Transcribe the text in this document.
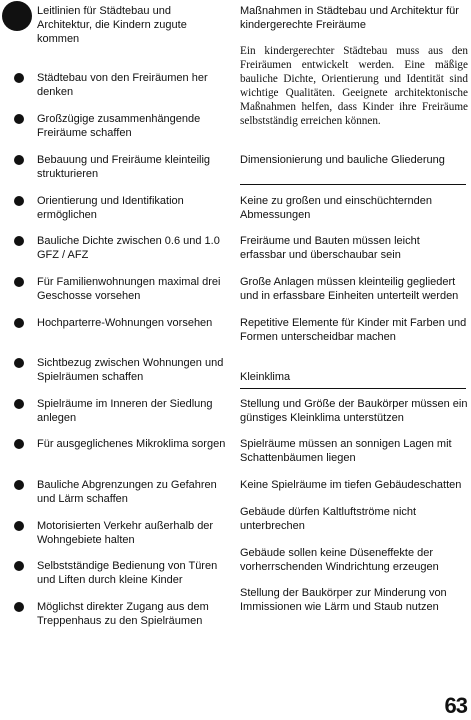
Leitlinien für Städtebau und Architektur, die Kindern zugute kommen
Städtebau von den Freiräumen her denken
Großzügige zusammenhängende Freiräume schaffen
Bebauung und Freiräume kleinteilig strukturieren
Orientierung und Identifikation ermöglichen
Bauliche Dichte zwischen 0.6 und 1.0 GFZ / AFZ
Für Familienwohnungen maximal drei Geschosse vorsehen
Hochparterre-Wohnungen vorsehen
Sichtbezug zwischen Wohnungen und Spielräumen schaffen
Spielräume im Inneren der Siedlung anlegen
Für ausgeglichenes Mikroklima sorgen
Bauliche Abgrenzungen zu Gefahren und Lärm schaffen
Motorisierten Verkehr außerhalb der Wohngebiete halten
Selbstständige Bedienung von Türen und Liften durch kleine Kinder
Möglichst direkter Zugang aus dem Treppenhaus zu den Spielräumen
Maßnahmen in Städtebau und Architektur für kindergerechte Freiräume

Ein kindergerechter Städtebau muss aus den Freiräumen entwickelt werden. Eine mäßige bauliche Dichte, Orientierung und Identität sind wichtige Qualitäten. Geeignete architektonische Maßnahmen helfen, dass Kinder ihre Freiräume selbstständig erreichen können.

Dimensionierung und bauliche Gliederung

Keine zu großen und einschüchternden Abmessungen

Freiräume und Bauten müssen leicht erfassbar und überschaubar sein

Große Anlagen müssen kleinteilig gegliedert und in erfassbare Einheiten unterteilt werden

Repetitive Elemente für Kinder mit Farben und Formen unterscheidbar machen

Kleinklima

Stellung und Größe der Baukörper müssen ein günstiges Kleinklima unterstützen

Spielräume müssen an sonnigen Lagen mit Schattenbäumen liegen

Keine Spielräume im tiefen Gebäudeschatten

Gebäude dürfen Kaltluftströme nicht unterbrechen

Gebäude sollen keine Düseneffekte der vorherrschenden Windrichtung erzeugen

Stellung der Baukörper zur Minderung von Immissionen wie Lärm und Staub nutzen

63
